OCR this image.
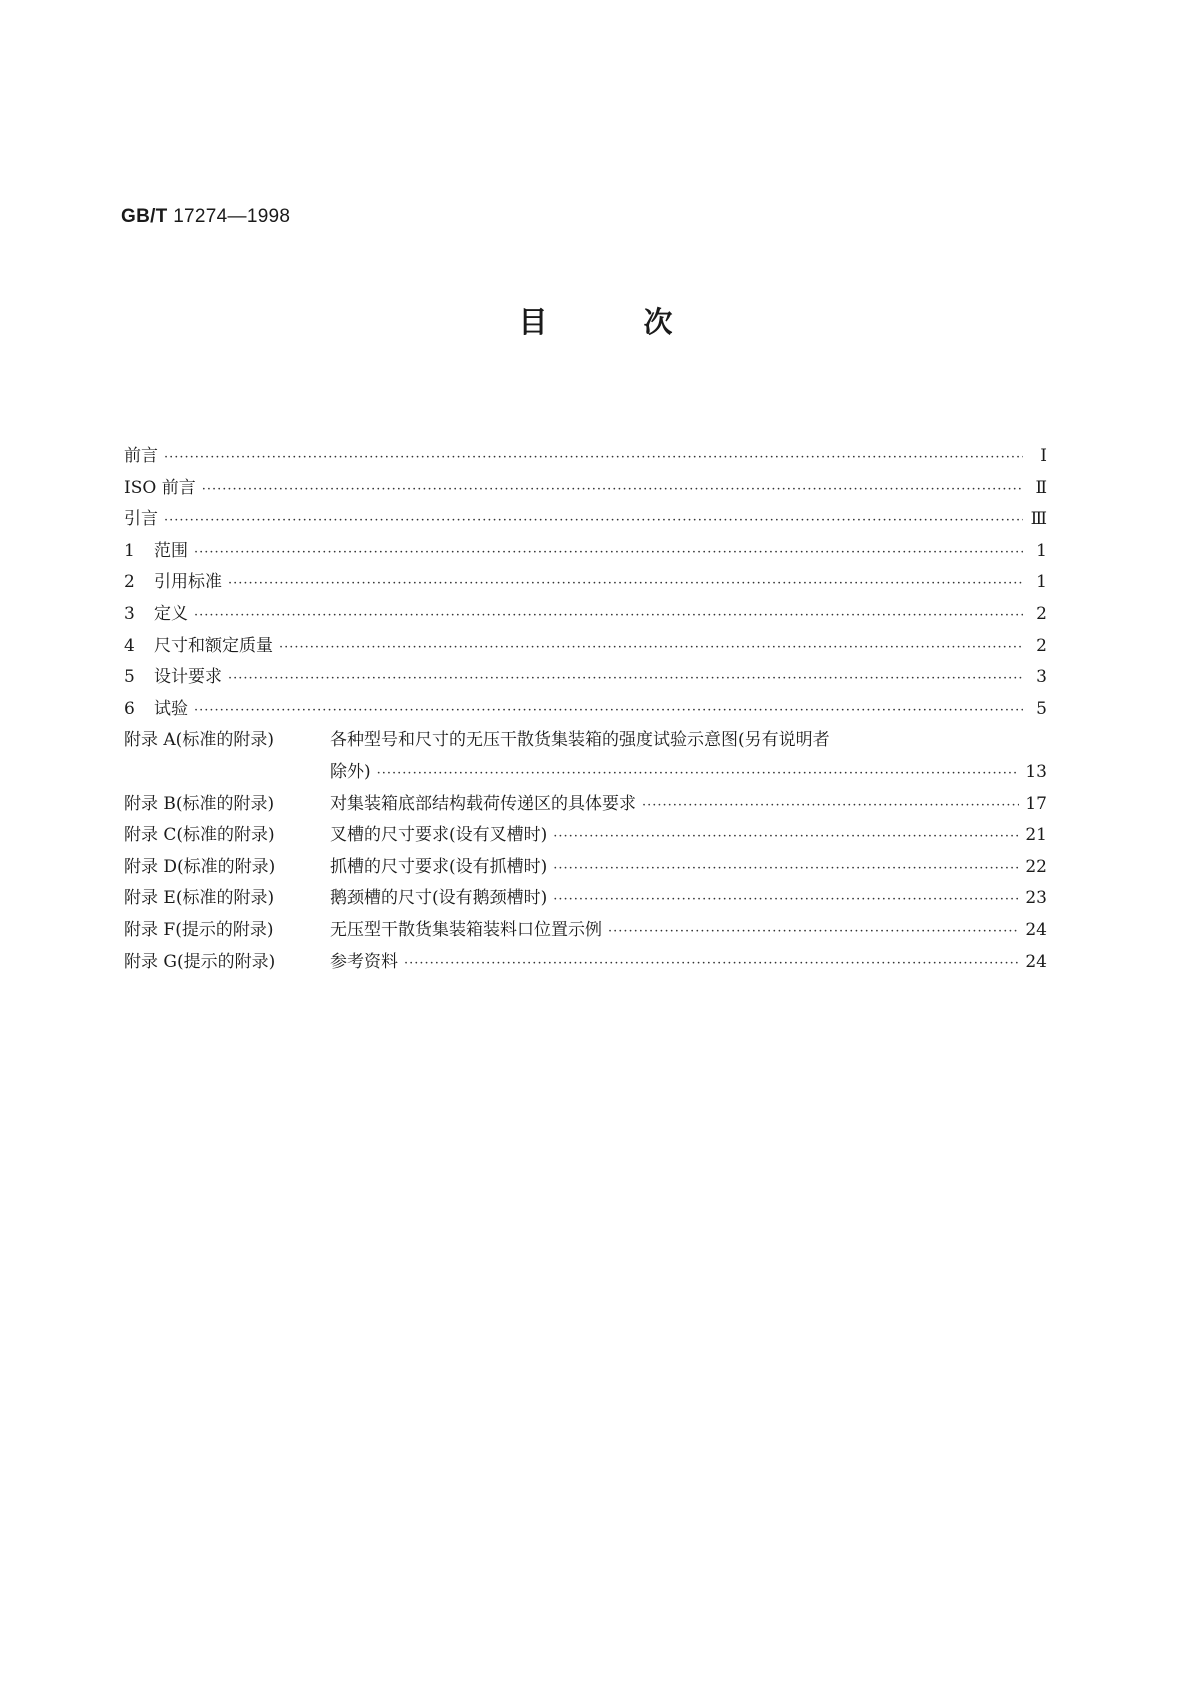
GB/T 17274—1998
目次
前言 ·····	I
ISO 前言 ·····	Ⅱ
引言 ·····	Ⅲ
1	范围 ·····	1
2	引用标准 ·····	1
3	定义 ·····	2
4	尺寸和额定质量 ·····	2
5	设计要求 ·····	3
6	试验 ·····	5
附录 A(标准的附录)	各种型号和尺寸的无压干散货集装箱的强度试验示意图(另有说明者
除外) ·····	13
附录 B(标准的附录)	对集装箱底部结构载荷传递区的具体要求 ·····	17
附录 C(标准的附录)	叉槽的尺寸要求(设有叉槽时) ·····	21
附录 D(标准的附录)	抓槽的尺寸要求(设有抓槽时) ·····	22
附录 E(标准的附录)	鹅颈槽的尺寸(设有鹅颈槽时) ·····	23
附录 F(提示的附录)	无压型干散货集装箱装料口位置示例 ·····	24
附录 G(提示的附录)	参考资料 ·····	24
